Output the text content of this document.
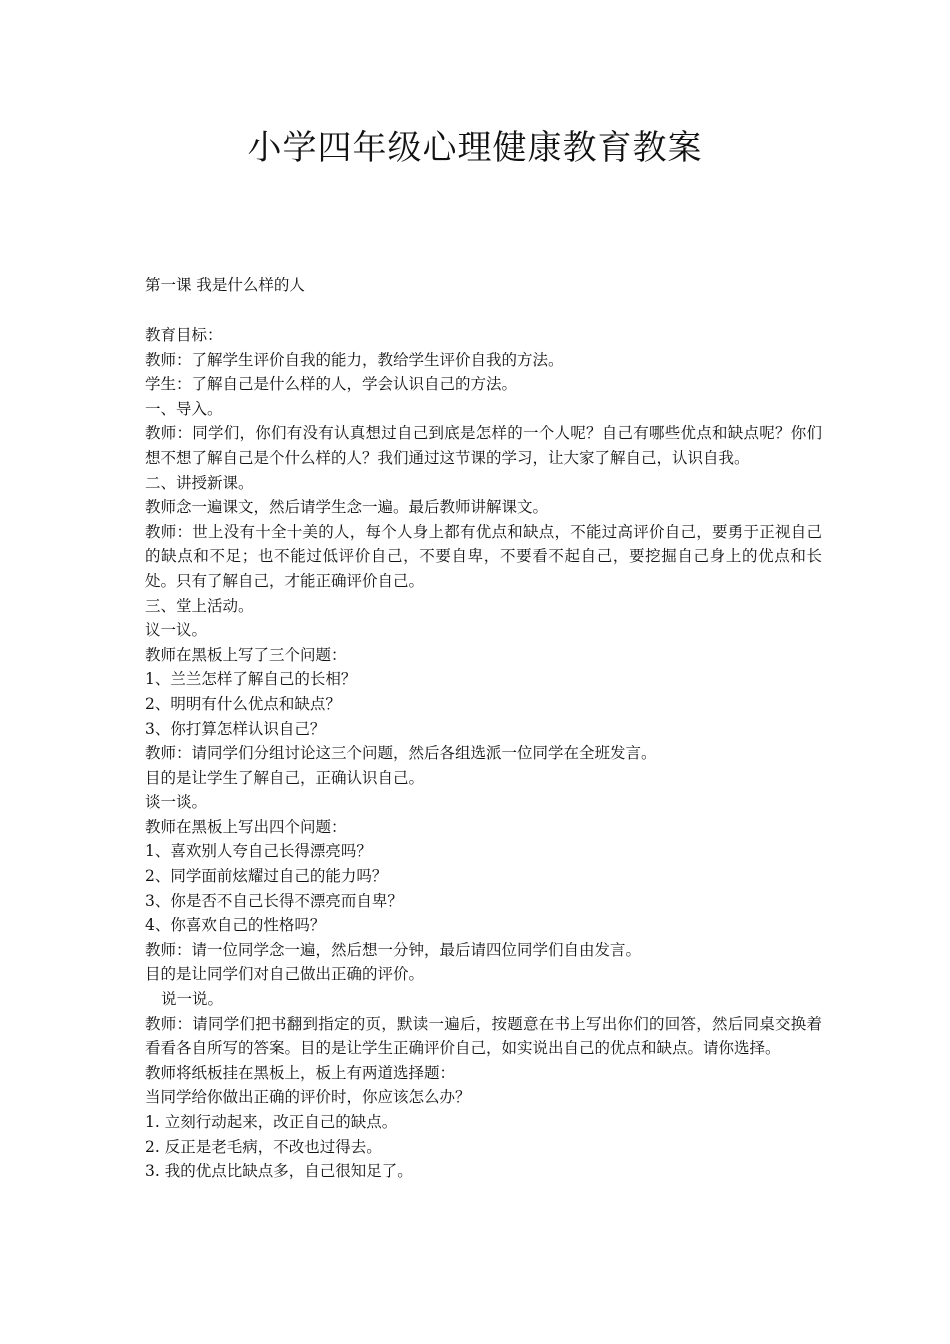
小学四年级心理健康教育教案

第一课 我是什么样的人

教育目标：

教师：了解学生评价自我的能力，教给学生评价自我的方法。

学生：了解自己是什么样的人，学会认识自己的方法。

一、导入。

教师：同学们，你们有没有认真想过自己到底是怎样的一个人呢？自己有哪些优点和缺点呢？你们想不想了解自己是个什么样的人？我们通过这节课的学习，让大家了解自己，认识自我。

二、讲授新课。

教师念一遍课文，然后请学生念一遍。最后教师讲解课文。

教师：世上没有十全十美的人，每个人身上都有优点和缺点，不能过高评价自己，要勇于正视自己的缺点和不足；也不能过低评价自己，不要自卑，不要看不起自己，要挖掘自己身上的优点和长处。只有了解自己，才能正确评价自己。

三、堂上活动。

议一议。

教师在黑板上写了三个问题：

1、兰兰怎样了解自己的长相？

2、明明有什么优点和缺点？

3、你打算怎样认识自己？

教师：请同学们分组讨论这三个问题，然后各组选派一位同学在全班发言。

目的是让学生了解自己，正确认识自己。

谈一谈。

教师在黑板上写出四个问题：

1、喜欢别人夸自己长得漂亮吗？

2、同学面前炫耀过自己的能力吗？

3、你是否不自己长得不漂亮而自卑？

4、你喜欢自己的性格吗？

教师：请一位同学念一遍，然后想一分钟，最后请四位同学们自由发言。

目的是让同学们对自己做出正确的评价。

说一说。

教师：请同学们把书翻到指定的页，默读一遍后，按题意在书上写出你们的回答，然后同桌交换着看看各自所写的答案。目的是让学生正确评价自己，如实说出自己的优点和缺点。请你选择。

教师将纸板挂在黑板上，板上有两道选择题：

当同学给你做出正确的评价时，你应该怎么办？

1. 立刻行动起来，改正自己的缺点。

2. 反正是老毛病，不改也过得去。

3. 我的优点比缺点多，自己很知足了。
